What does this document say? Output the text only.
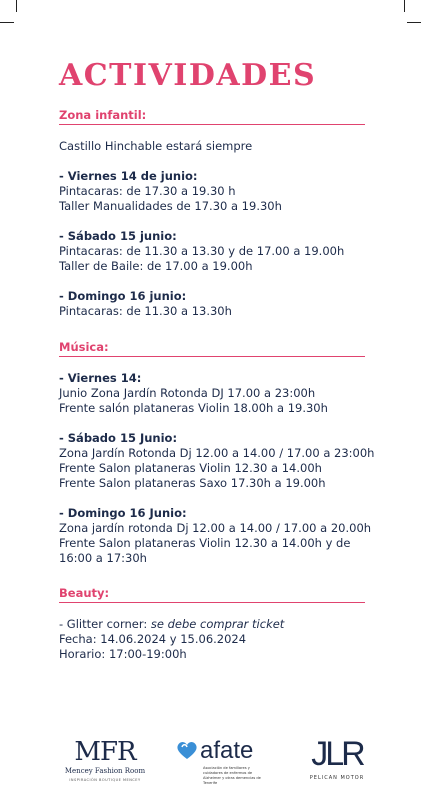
ACTIVIDADES
Zona infantil:
Castillo Hinchable estará siempre
- Viernes 14 de junio:
Pintacaras: de 17.30 a 19.30 h
Taller Manualidades de 17.30 a 19.30h
- Sábado 15 junio:
Pintacaras: de 11.30 a 13.30 y de 17.00 a 19.00h
Taller de Baile: de 17.00 a 19.00h
- Domingo 16 junio:
Pintacaras: de 11.30 a 13.30h
Música:
- Viernes 14:
Junio Zona Jardín Rotonda DJ 17.00 a 23:00h
Frente salón plataneras Violin 18.00h a 19.30h
- Sábado 15 Junio:
Zona Jardín Rotonda Dj 12.00 a 14.00 / 17.00 a 23:00h
Frente Salon plataneras Violin 12.30 a 14.00h
Frente Salon plataneras Saxo 17.30h a 19.00h
- Domingo 16 Junio:
Zona jardín rotonda Dj 12.00 a 14.00 / 17.00 a 20.00h
Frente Salon plataneras Violin 12.30 a 14.00h y de
16:00 a 17:30h
Beauty:
- Glitter corner: se debe comprar ticket
Fecha: 14.06.2024 y 15.06.2024
Horario: 17:00-19:00h
MFR
Mencey Fashion Room
INSPIRACIÓN BOUTIQUE MENCEY
afate
Asociación de familiares y cuidadores de enfermos de Alzheimer y otras demencias de Tenerife
JLR
PELICAN MOTOR
